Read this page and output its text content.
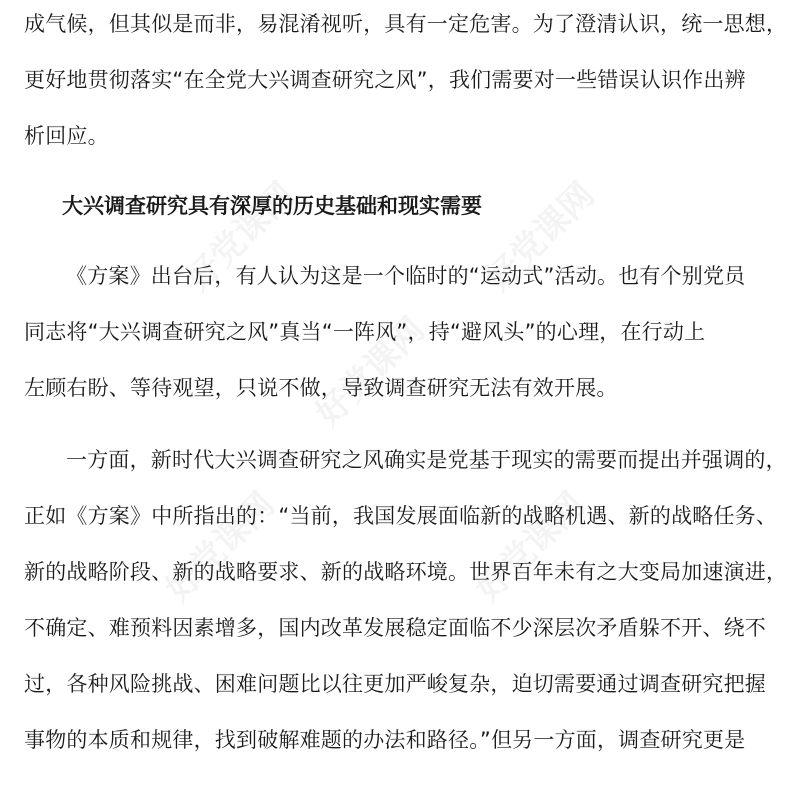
好党课网	好党课网
好党课网
好党课网	好党课网
成气候，但其似是而非，易混淆视听，具有一定危害。为了澄清认识，统一思想，
更好地贯彻落实“在全党大兴调查研究之风”，我们需要对一些错误认识作出辨
析回应。
大兴调查研究具有深厚的历史基础和现实需要
《方案》出台后，有人认为这是一个临时的“运动式”活动。也有个别党员
同志将“大兴调查研究之风”真当“一阵风”，持“避风头”的心理，在行动上
左顾右盼、等待观望，只说不做，导致调查研究无法有效开展。
一方面，新时代大兴调查研究之风确实是党基于现实的需要而提出并强调的，
正如《方案》中所指出的：“当前，我国发展面临新的战略机遇、新的战略任务、
新的战略阶段、新的战略要求、新的战略环境。世界百年未有之大变局加速演进，
不确定、难预料因素增多，国内改革发展稳定面临不少深层次矛盾躲不开、绕不
过，各种风险挑战、困难问题比以往更加严峻复杂，迫切需要通过调查研究把握
事物的本质和规律，找到破解难题的办法和路径。”但另一方面，调查研究更是
